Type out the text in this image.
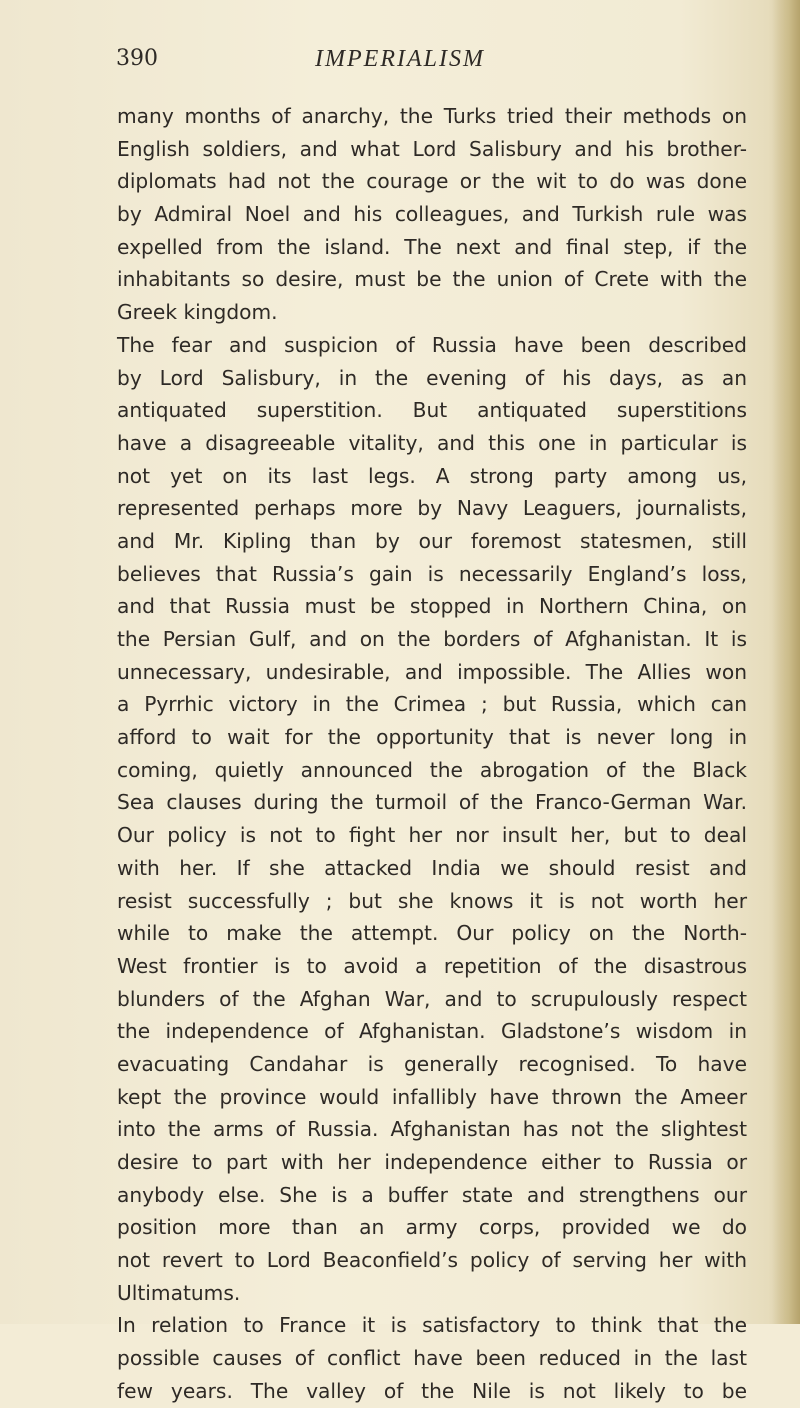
390	IMPERIALISM
many months of anarchy, the Turks tried their methods on
English soldiers, and what Lord Salisbury and his brother-
diplomats had not the courage or the wit to do was done
by Admiral Noel and his colleagues, and Turkish rule was
expelled from the island. The next and final step, if the
inhabitants so desire, must be the union of Crete with the
Greek kingdom.
The fear and suspicion of Russia have been described
by Lord Salisbury, in the evening of his days, as an
antiquated superstition. But antiquated superstitions
have a disagreeable vitality, and this one in particular is
not yet on its last legs. A strong party among us,
represented perhaps more by Navy Leaguers, journalists,
and Mr. Kipling than by our foremost statesmen, still
believes that Russia’s gain is necessarily England’s loss,
and that Russia must be stopped in Northern China, on
the Persian Gulf, and on the borders of Afghanistan. It is
unnecessary, undesirable, and impossible. The Allies won
a Pyrrhic victory in the Crimea ; but Russia, which can
afford to wait for the opportunity that is never long in
coming, quietly announced the abrogation of the Black
Sea clauses during the turmoil of the Franco-German War.
Our policy is not to fight her nor insult her, but to deal
with her. If she attacked India we should resist and
resist successfully ; but she knows it is not worth her
while to make the attempt. Our policy on the North-
West frontier is to avoid a repetition of the disastrous
blunders of the Afghan War, and to scrupulously respect
the independence of Afghanistan. Gladstone’s wisdom in
evacuating Candahar is generally recognised. To have
kept the province would infallibly have thrown the Ameer
into the arms of Russia. Afghanistan has not the slightest
desire to part with her independence either to Russia or
anybody else. She is a buffer state and strengthens our
position more than an army corps, provided we do
not revert to Lord Beaconfield’s policy of serving her with
Ultimatums.
In relation to France it is satisfactory to think that the
possible causes of conflict have been reduced in the last
few years. The valley of the Nile is not likely to be
